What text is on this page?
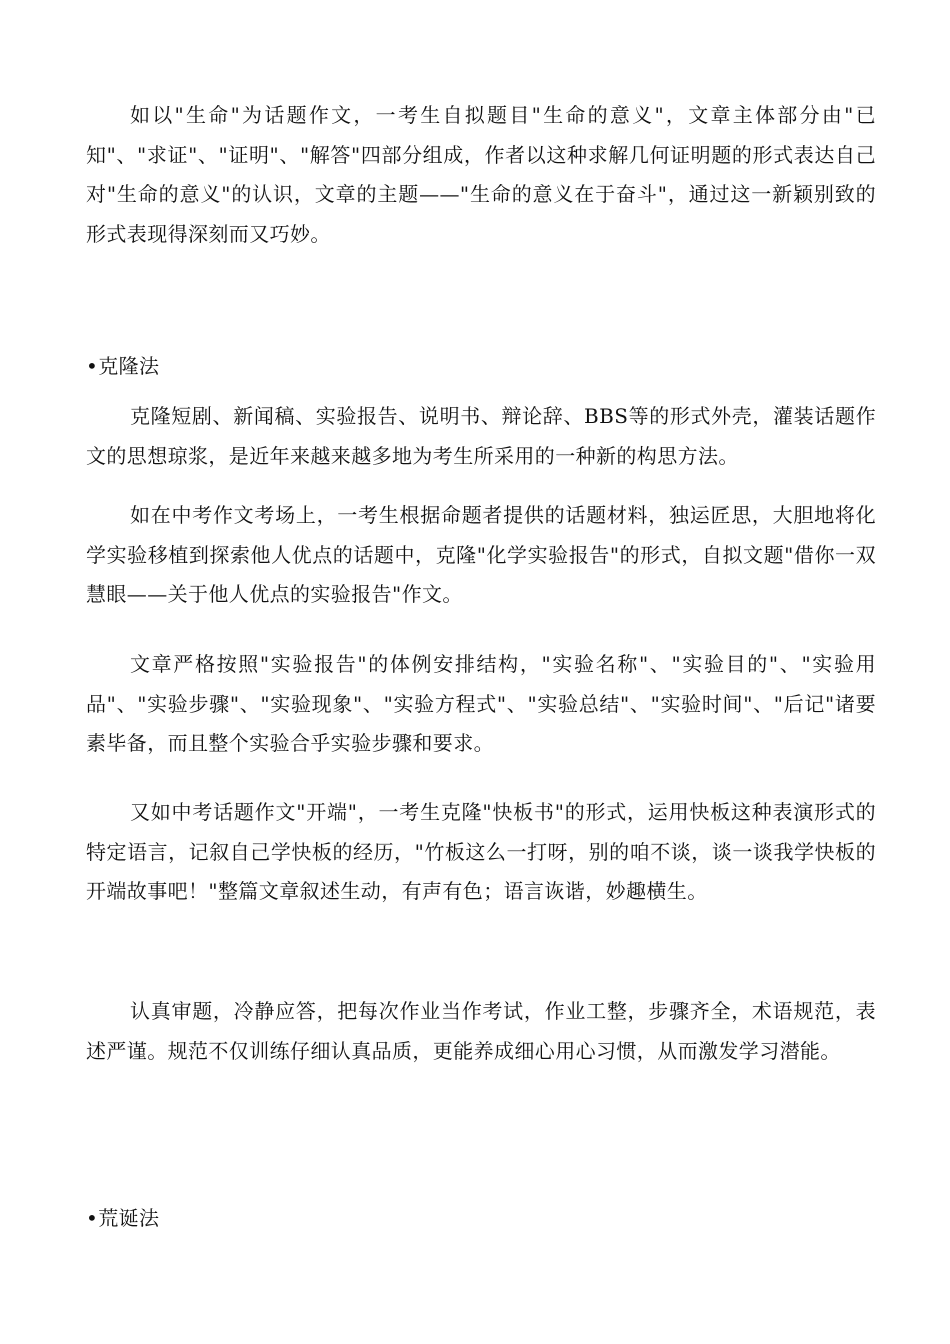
如以"生命"为话题作文，一考生自拟题目"生命的意义"，文章主体部分由"已知"、"求证"、"证明"、"解答"四部分组成，作者以这种求解几何证明题的形式表达自己对"生命的意义"的认识，文章的主题——"生命的意义在于奋斗"，通过这一新颖别致的形式表现得深刻而又巧妙。

•克隆法

克隆短剧、新闻稿、实验报告、说明书、辩论辞、BBS等的形式外壳，灌装话题作文的思想琼浆，是近年来越来越多地为考生所采用的一种新的构思方法。

如在中考作文考场上，一考生根据命题者提供的话题材料，独运匠思，大胆地将化学实验移植到探索他人优点的话题中，克隆"化学实验报告"的形式，自拟文题"借你一双慧眼——关于他人优点的实验报告"作文。

文章严格按照"实验报告"的体例安排结构，"实验名称"、"实验目的"、"实验用品"、"实验步骤"、"实验现象"、"实验方程式"、"实验总结"、"实验时间"、"后记"诸要素毕备，而且整个实验合乎实验步骤和要求。

又如中考话题作文"开端"，一考生克隆"快板书"的形式，运用快板这种表演形式的特定语言，记叙自己学快板的经历，"竹板这么一打呀，别的咱不谈，谈一谈我学快板的开端故事吧！"整篇文章叙述生动，有声有色；语言诙谐，妙趣横生。

认真审题，冷静应答，把每次作业当作考试，作业工整，步骤齐全，术语规范，表述严谨。规范不仅训练仔细认真品质，更能养成细心用心习惯，从而激发学习潜能。

•荒诞法
